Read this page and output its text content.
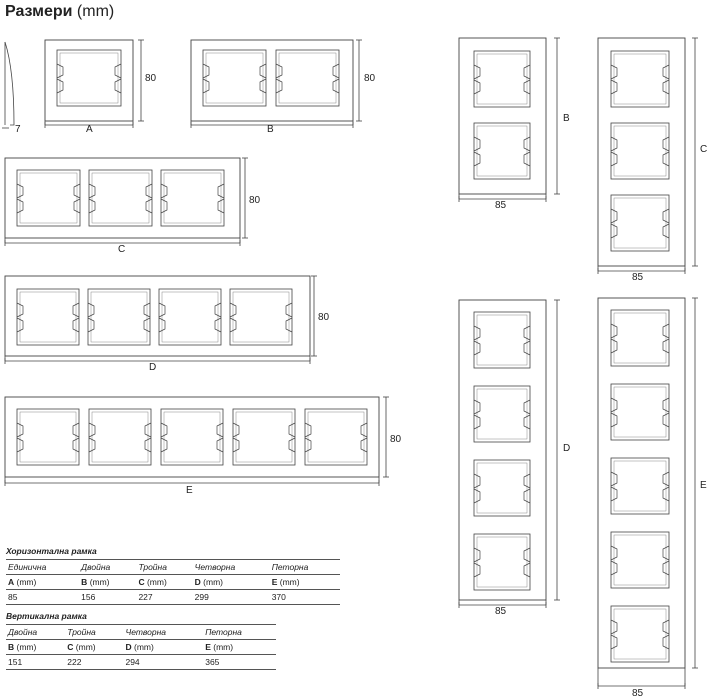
Размери (mm)
7
80
A
80
B
80
C
80
D
80
E
B
85
C
85
D
85
E
85
Хоризонтална рамка
Единична	Двойна	Тройна	Четворна	Петорна
A (mm)	B (mm)	C (mm)	D (mm)	E (mm)
85	156	227	299	370
Вертикална рамка
Двойна	Тройна	Четворна	Петорна
B (mm)	C (mm)	D (mm)	E (mm)
151	222	294	365
